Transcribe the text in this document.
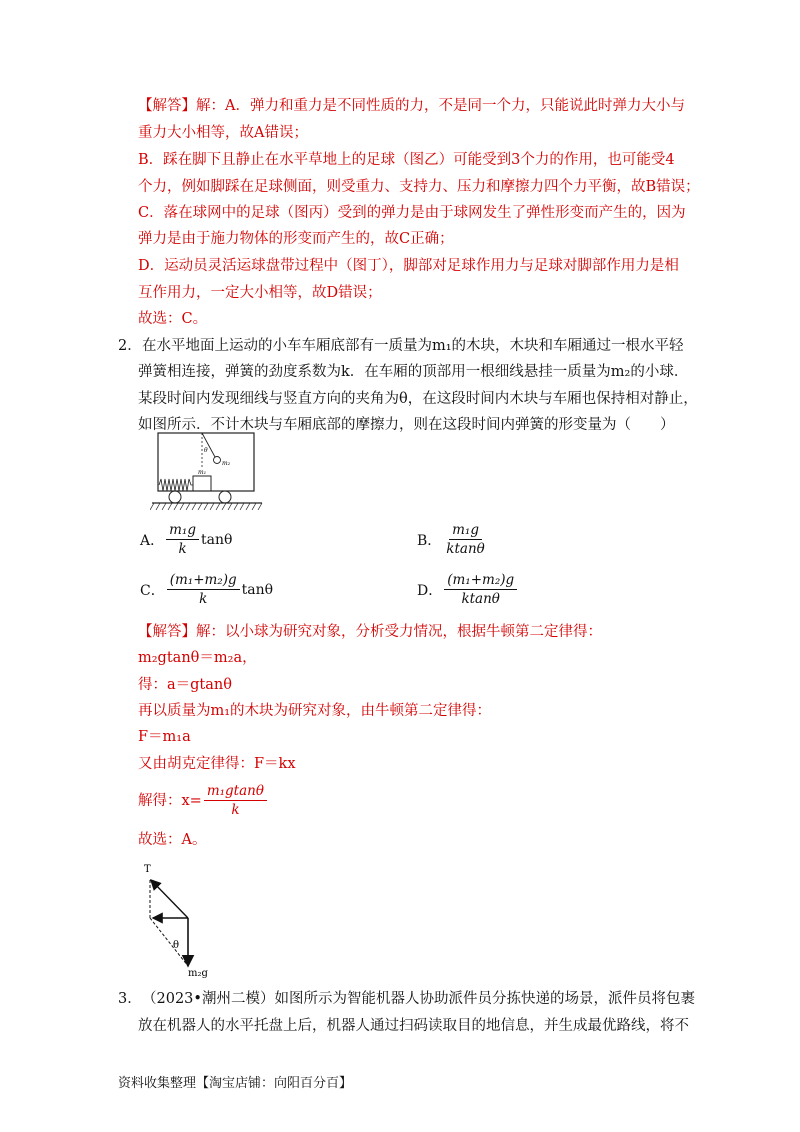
【解答】解：A．弹力和重力是不同性质的力，不是同一个力，只能说此时弹力大小与
重力大小相等，故A错误；
B．踩在脚下且静止在水平草地上的足球（图乙）可能受到3个力的作用，也可能受4
个力，例如脚踩在足球侧面，则受重力、支持力、压力和摩擦力四个力平衡，故B错误；
C．落在球网中的足球（图丙）受到的弹力是由于球网发生了弹性形变而产生的，因为
弹力是由于施力物体的形变而产生的，故C正确；
D．运动员灵活运球盘带过程中（图丁），脚部对足球作用力与足球对脚部作用力是相
互作用力，一定大小相等，故D错误；
故选：C。
2． 在水平地面上运动的小车车厢底部有一质量为m₁的木块，木块和车厢通过一根水平轻
弹簧相连接，弹簧的劲度系数为k．在车厢的顶部用一根细线悬挂一质量为m₂的小球．
某段时间内发现细线与竖直方向的夹角为θ，在这段时间内木块与车厢也保持相对静止，
如图所示．不计木块与车厢底部的摩擦力，则在这段时间内弹簧的形变量为（　　）
θ
m₂
m₁
A． $\frac{\text{m₁g}}{k}$ tanθ	B． $\frac{\text{m₁g}}{ktan\theta}$
C． $\frac{\text{(m₁+m₂)g}}{k}$ tanθ	D． $\frac{\text{(m₁+m₂)g}}{ktan\theta}$
【解答】解：以小球为研究对象，分析受力情况，根据牛顿第二定律得：
m₂gtanθ＝m₂a，
得：a＝gtanθ
再以质量为m₁的木块为研究对象，由牛顿第二定律得：
F＝m₁a
又由胡克定律得：F＝kx
解得：$x= \frac{\text{m₁gtanθ}}{k}$
故选：A。
T
θ
m₂g
3． （2023•潮州二模）如图所示为智能机器人协助派件员分拣快递的场景，派件员将包裹
放在机器人的水平托盘上后，机器人通过扫码读取目的地信息，并生成最优路线，将不
资料收集整理【淘宝店铺：向阳百分百】
